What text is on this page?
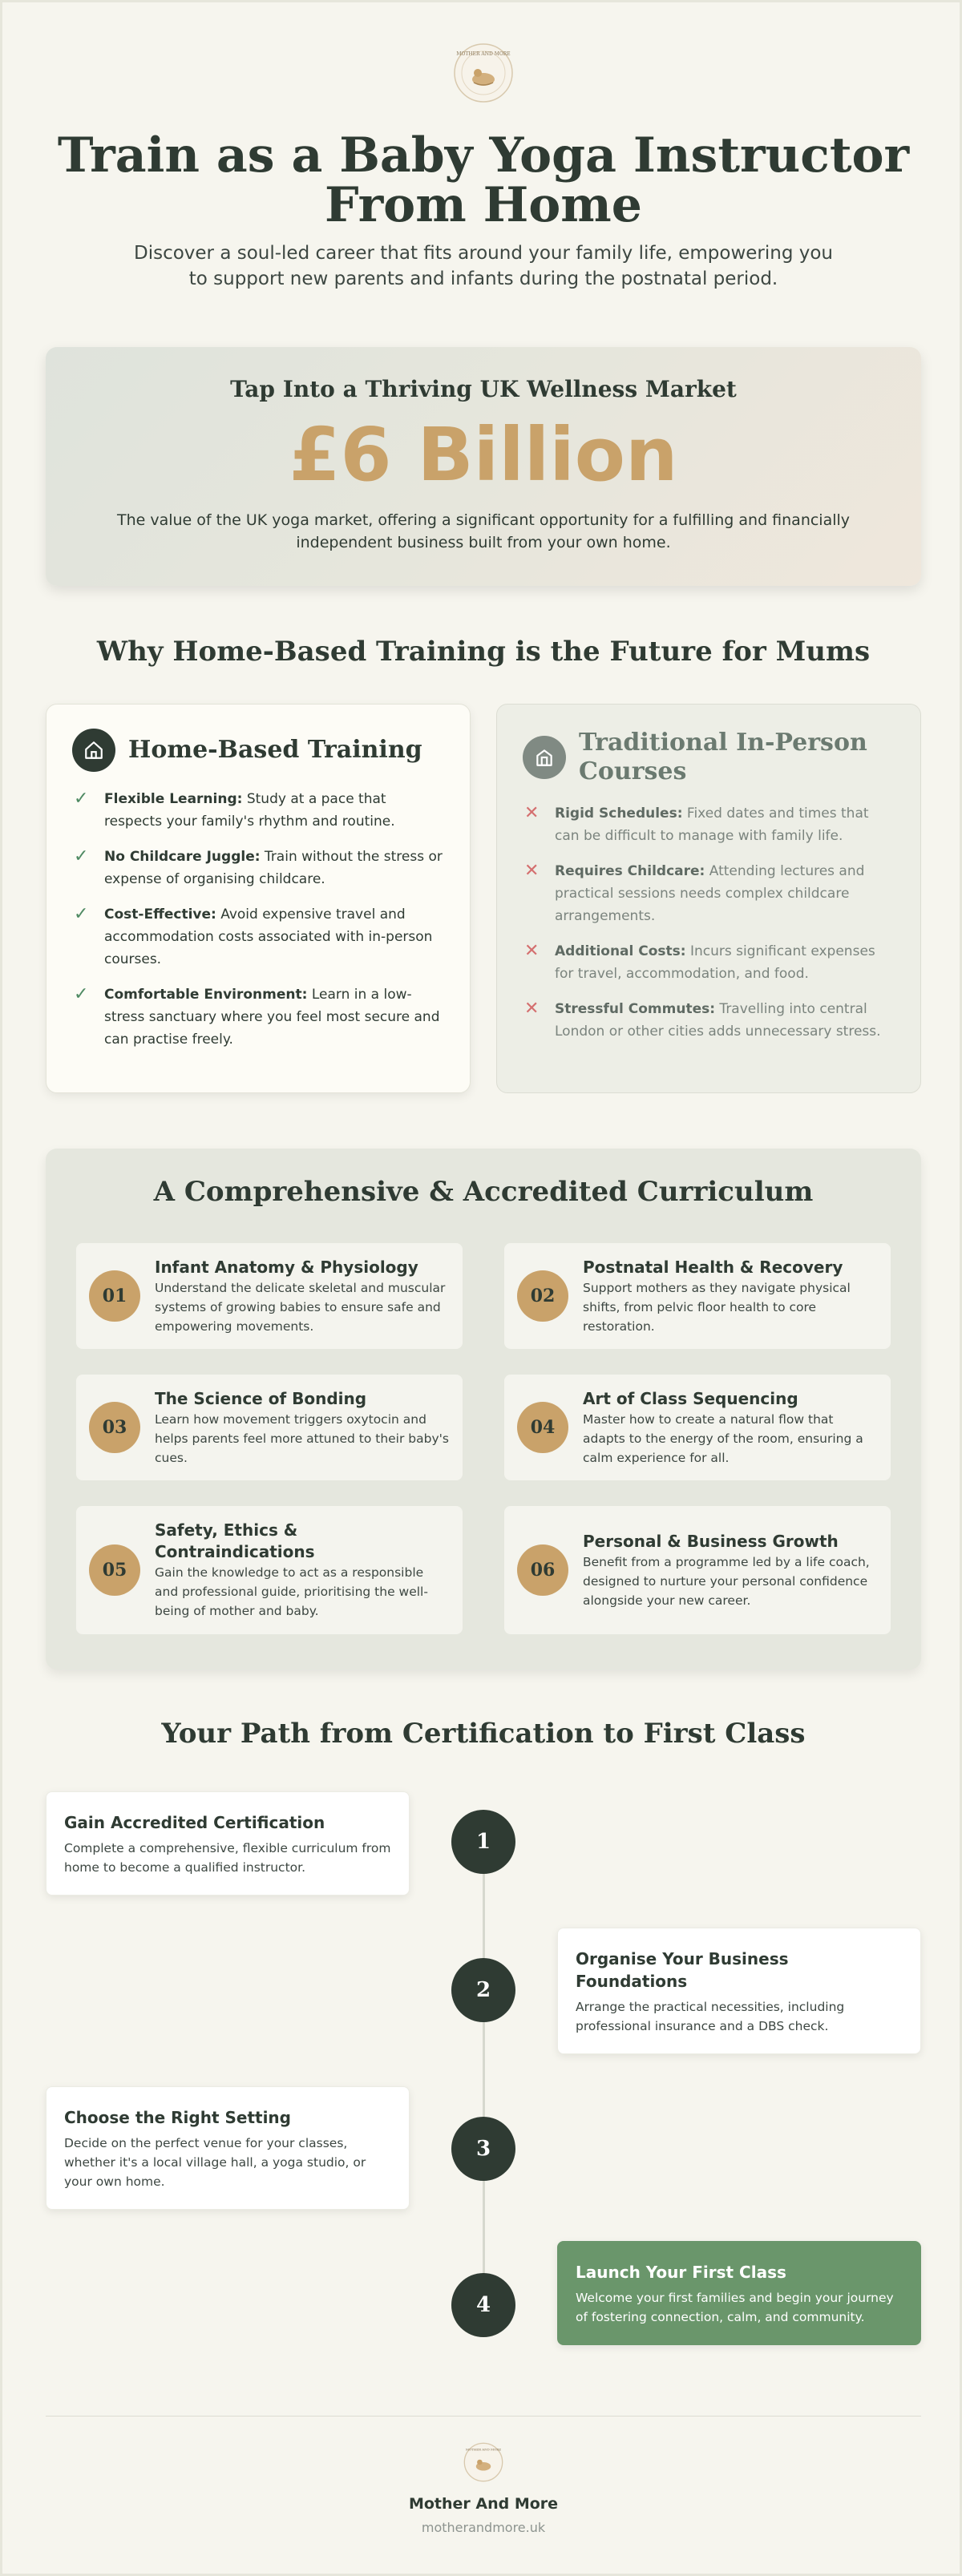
MOTHER AND MORE
Train as a Baby Yoga Instructor
From Home

Discover a soul-led career that fits around your family life, empowering you to support new parents and infants during the postnatal period.

Tap Into a Thriving UK Wellness Market
£6 Billion
The value of the UK yoga market, offering a significant opportunity for a fulfilling and financially independent business built from your own home.
Why Home-Based Training is the Future for Mums
Home-Based Training
✓	Flexible Learning: Study at a pace that respects your family's rhythm and routine.
✓	No Childcare Juggle: Train without the stress or expense of organising childcare.
✓	Cost-Effective: Avoid expensive travel and accommodation costs associated with in-person courses.
✓	Comfortable Environment: Learn in a low-stress sanctuary where you feel most secure and can practise freely.
Traditional In-Person Courses
✕	Rigid Schedules: Fixed dates and times that can be difficult to manage with family life.
✕	Requires Childcare: Attending lectures and practical sessions needs complex childcare arrangements.
✕	Additional Costs: Incurs significant expenses for travel, accommodation, and food.
✕	Stressful Commutes: Travelling into central London or other cities adds unnecessary stress.
A Comprehensive & Accredited Curriculum
01
Infant Anatomy & Physiology
Understand the delicate skeletal and muscular systems of growing babies to ensure safe and empowering movements.
02
Postnatal Health & Recovery
Support mothers as they navigate physical shifts, from pelvic floor health to core restoration.
03
The Science of Bonding
Learn how movement triggers oxytocin and helps parents feel more attuned to their baby's cues.
04
Art of Class Sequencing
Master how to create a natural flow that adapts to the energy of the room, ensuring a calm experience for all.
05
Safety, Ethics & Contraindications
Gain the knowledge to act as a responsible and professional guide, prioritising the well-being of mother and baby.
06
Personal & Business Growth
Benefit from a programme led by a life coach, designed to nurture your personal confidence alongside your new career.
Your Path from Certification to First Class
1
2
3
4
Gain Accredited Certification
Complete a comprehensive, flexible curriculum from home to become a qualified instructor.
Organise Your Business Foundations
Arrange the practical necessities, including professional insurance and a DBS check.
Choose the Right Setting
Decide on the perfect venue for your classes, whether it's a local village hall, a yoga studio, or your own home.
Launch Your First Class
Welcome your first families and begin your journey of fostering connection, calm, and community.
MOTHER AND MORE
Mother And More
motherandmore.uk
